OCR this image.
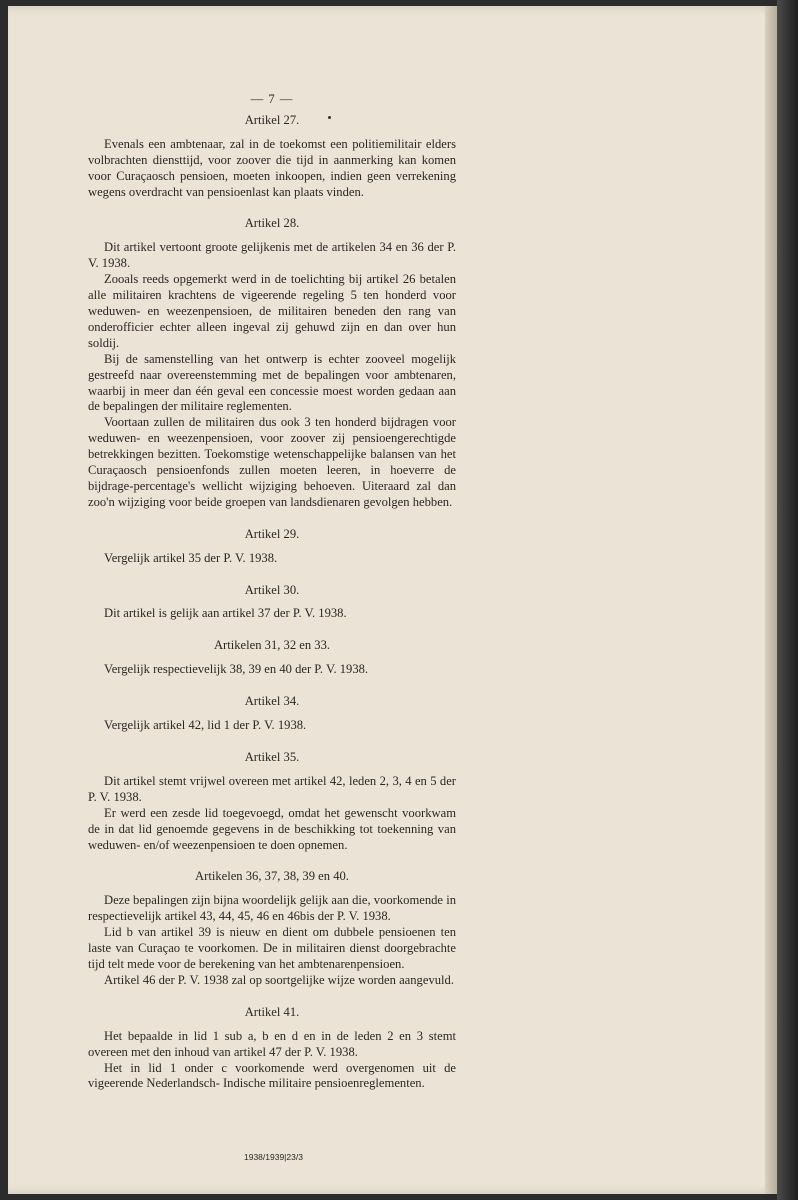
— 7 —
Artikel 27.

Evenals een ambtenaar, zal in de toekomst een politiemilitair elders volbrachten diensttijd, voor zoover die tijd in aanmerking kan komen voor Curaçaosch pensioen, moeten inkoopen, indien geen verrekening wegens overdracht van pensioenlast kan plaats vinden.

Artikel 28.

Dit artikel vertoont groote gelijkenis met de artikelen 34 en 36 der P. V. 1938.

Zooals reeds opgemerkt werd in de toelichting bij artikel 26 betalen alle militairen krachtens de vigeerende regeling 5 ten honderd voor weduwen- en weezenpensioen, de militairen beneden den rang van onderofficier echter alleen ingeval zij gehuwd zijn en dan over hun soldij.

Bij de samenstelling van het ontwerp is echter zooveel mogelijk gestreefd naar overeenstemming met de bepalingen voor ambtenaren, waarbij in meer dan één geval een concessie moest worden gedaan aan de bepalingen der militaire reglementen.

Voortaan zullen de militairen dus ook 3 ten honderd bijdragen voor weduwen- en weezenpensioen, voor zoover zij pensioengerechtigde betrekkingen bezitten. Toekomstige wetenschappelijke balansen van het Curaçaosch pensioenfonds zullen moeten leeren, in hoeverre de bijdrage-percentage's wellicht wijziging behoeven. Uiteraard zal dan zoo'n wijziging voor beide groepen van landsdienaren gevolgen hebben.

Artikel 29.

Vergelijk artikel 35 der P. V. 1938.

Artikel 30.

Dit artikel is gelijk aan artikel 37 der P. V. 1938.

Artikelen 31, 32 en 33.

Vergelijk respectievelijk 38, 39 en 40 der P. V. 1938.

Artikel 34.

Vergelijk artikel 42, lid 1 der P. V. 1938.

Artikel 35.

Dit artikel stemt vrijwel overeen met artikel 42, leden 2, 3, 4 en 5 der P. V. 1938.

Er werd een zesde lid toegevoegd, omdat het gewenscht voorkwam de in dat lid genoemde gegevens in de beschikking tot toekenning van weduwen- en/of weezenpensioen te doen opnemen.

Artikelen 36, 37, 38, 39 en 40.

Deze bepalingen zijn bijna woordelijk gelijk aan die, voorkomende in respectievelijk artikel 43, 44, 45, 46 en 46bis der P. V. 1938.

Lid b van artikel 39 is nieuw en dient om dubbele pensioenen ten laste van Curaçao te voorkomen. De in militairen dienst doorgebrachte tijd telt mede voor de berekening van het ambtenarenpensioen.

Artikel 46 der P. V. 1938 zal op soortgelijke wijze worden aangevuld.

Artikel 41.

Het bepaalde in lid 1 sub a, b en d en in de leden 2 en 3 stemt overeen met den inhoud van artikel 47 der P. V. 1938.

Het in lid 1 onder c voorkomende werd overgenomen uit de vigeerende Nederlandsch- Indische militaire pensioenreglementen.

1938/1939|23/3
